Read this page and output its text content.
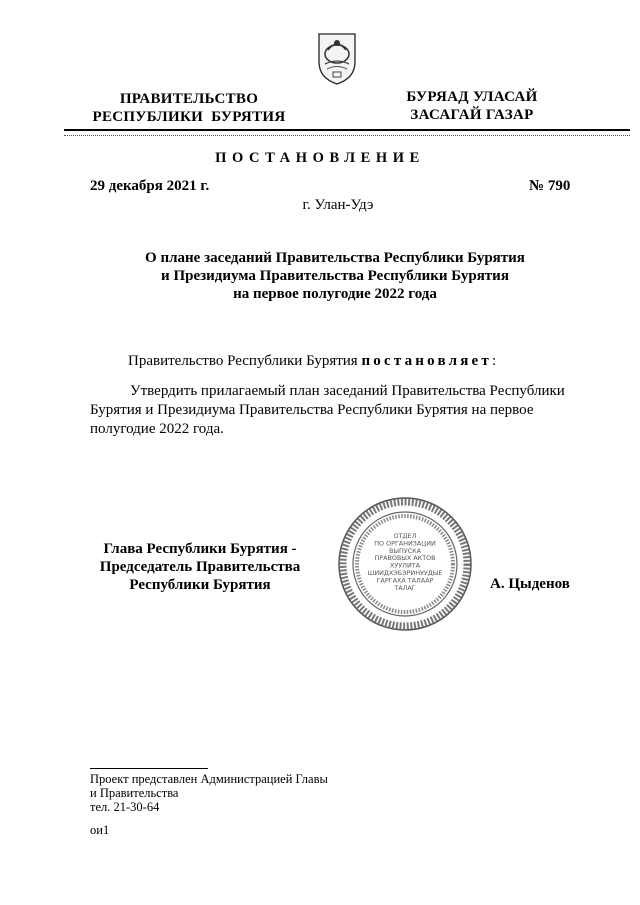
ПРАВИТЕЛЬСТВО
РЕСПУБЛИКИ  БУРЯТИЯ
БУРЯАД УЛАСАЙ
ЗАСАГАЙ ГАЗАР
ПОСТАНОВЛЕНИЕ
29 декабря 2021 г.	№ 790
г. Улан-Удэ
О плане заседаний Правительства Республики Бурятия
и Президиума Правительства Республики Бурятия
на первое полугодие 2022 года
Правительство Республики Бурятия постановляет:
Утвердить прилагаемый план заседаний Правительства Республики Бурятия и Президиума Правительства Республики Бурятия на первое полугодие 2022 года.
Глава Республики Бурятия -
Председатель Правительства
Республики Бурятия
ОТДЕЛ
ПО ОРГАНИЗАЦИИ
ВЫПУСКА
ПРАВОВЫХ АКТОВ
ХУУЛИТА
ШИИДХЭБЭРИНУУДЫЕ
ГАРГАХА ТАЛААР
ТАЛАГ	А. Цыденов
Проект представлен Администрацией Главы
и Правительства
тел. 21-30-64
ои1
